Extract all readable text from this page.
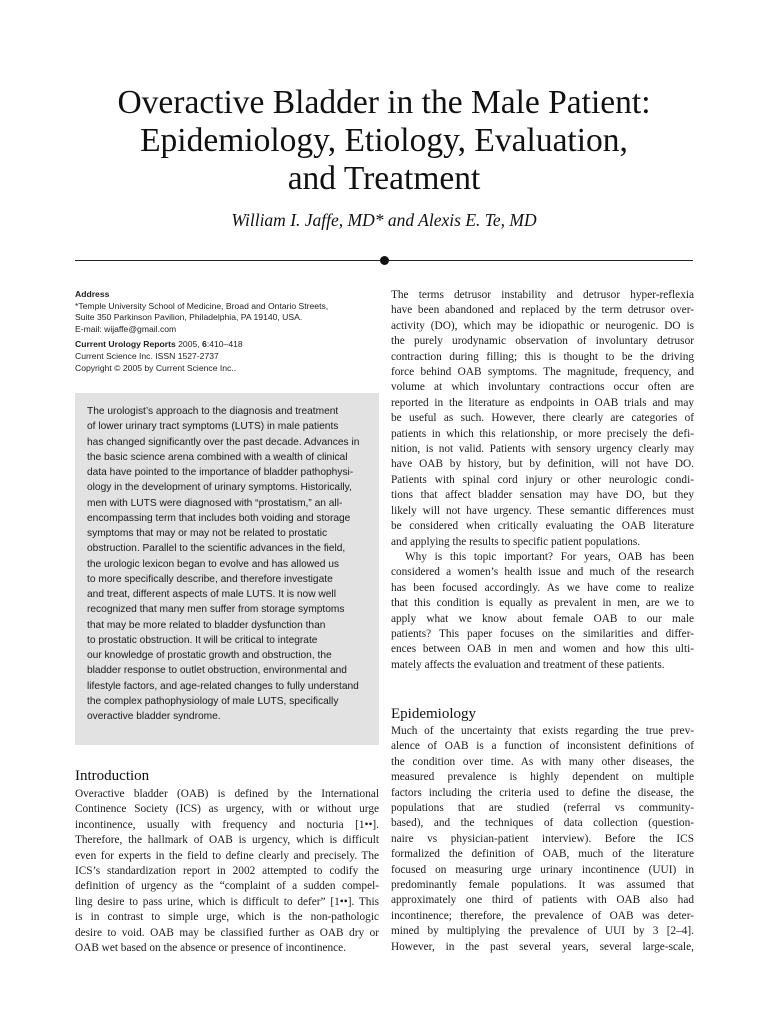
Overactive Bladder in the Male Patient:
Epidemiology, Etiology, Evaluation,
and Treatment
William I. Jaffe, MD* and Alexis E. Te, MD

Address

*Temple University School of Medicine, Broad and Ontario Streets,

Suite 350 Parkinson Pavilion, Philadelphia, PA 19140, USA.

E-mail: wijaffe@gmail.com

Current Urology Reports 2005, 6:410–418

Current Science Inc. ISSN 1527-2737

Copyright © 2005 by Current Science Inc..

The urologist’s approach to the diagnosis and treatment

of lower urinary tract symptoms (LUTS) in male patients

has changed significantly over the past decade. Advances in

the basic science arena combined with a wealth of clinical

data have pointed to the importance of bladder pathophysi-

ology in the development of urinary symptoms. Historically,

men with LUTS were diagnosed with “prostatism,” an all-

encompassing term that includes both voiding and storage

symptoms that may or may not be related to prostatic

obstruction. Parallel to the scientific advances in the field,

the urologic lexicon began to evolve and has allowed us

to more specifically describe, and therefore investigate

and treat, different aspects of male LUTS. It is now well

recognized that many men suffer from storage symptoms

that may be more related to bladder dysfunction than

to prostatic obstruction. It will be critical to integrate

our knowledge of prostatic growth and obstruction, the

bladder response to outlet obstruction, environmental and

lifestyle factors, and age-related changes to fully understand

the complex pathophysiology of male LUTS, specifically

overactive bladder syndrome.

Introduction

Overactive bladder (OAB) is defined by the International

Continence Society (ICS) as urgency, with or without urge

incontinence, usually with frequency and nocturia [1••].

Therefore, the hallmark of OAB is urgency, which is difficult

even for experts in the field to define clearly and precisely. The

ICS’s standardization report in 2002 attempted to codify the

definition of urgency as the “complaint of a sudden compel-

ling desire to pass urine, which is difficult to defer” [1••]. This

is in contrast to simple urge, which is the non-pathologic

desire to void. OAB may be classified further as OAB dry or

OAB wet based on the absence or presence of incontinence.

The terms detrusor instability and detrusor hyper-reflexia

have been abandoned and replaced by the term detrusor over-

activity (DO), which may be idiopathic or neurogenic. DO is

the purely urodynamic observation of involuntary detrusor

contraction during filling; this is thought to be the driving

force behind OAB symptoms. The magnitude, frequency, and

volume at which involuntary contractions occur often are

reported in the literature as endpoints in OAB trials and may

be useful as such. However, there clearly are categories of

patients in which this relationship, or more precisely the defi-

nition, is not valid. Patients with sensory urgency clearly may

have OAB by history, but by definition, will not have DO.

Patients with spinal cord injury or other neurologic condi-

tions that affect bladder sensation may have DO, but they

likely will not have urgency. These semantic differences must

be considered when critically evaluating the OAB literature

and applying the results to specific patient populations.

Why is this topic important? For years, OAB has been

considered a women’s health issue and much of the research

has been focused accordingly. As we have come to realize

that this condition is equally as prevalent in men, are we to

apply what we know about female OAB to our male

patients? This paper focuses on the similarities and differ-

ences between OAB in men and women and how this ulti-

mately affects the evaluation and treatment of these patients.

Epidemiology

Much of the uncertainty that exists regarding the true prev-

alence of OAB is a function of inconsistent definitions of

the condition over time. As with many other diseases, the

measured prevalence is highly dependent on multiple

factors including the criteria used to define the disease, the

populations that are studied (referral vs community-

based), and the techniques of data collection (question-

naire vs physician-patient interview). Before the ICS

formalized the definition of OAB, much of the literature

focused on measuring urge urinary incontinence (UUI) in

predominantly female populations. It was assumed that

approximately one third of patients with OAB also had

incontinence; therefore, the prevalence of OAB was deter-

mined by multiplying the prevalence of UUI by 3 [2–4].

However, in the past several years, several large-scale,
